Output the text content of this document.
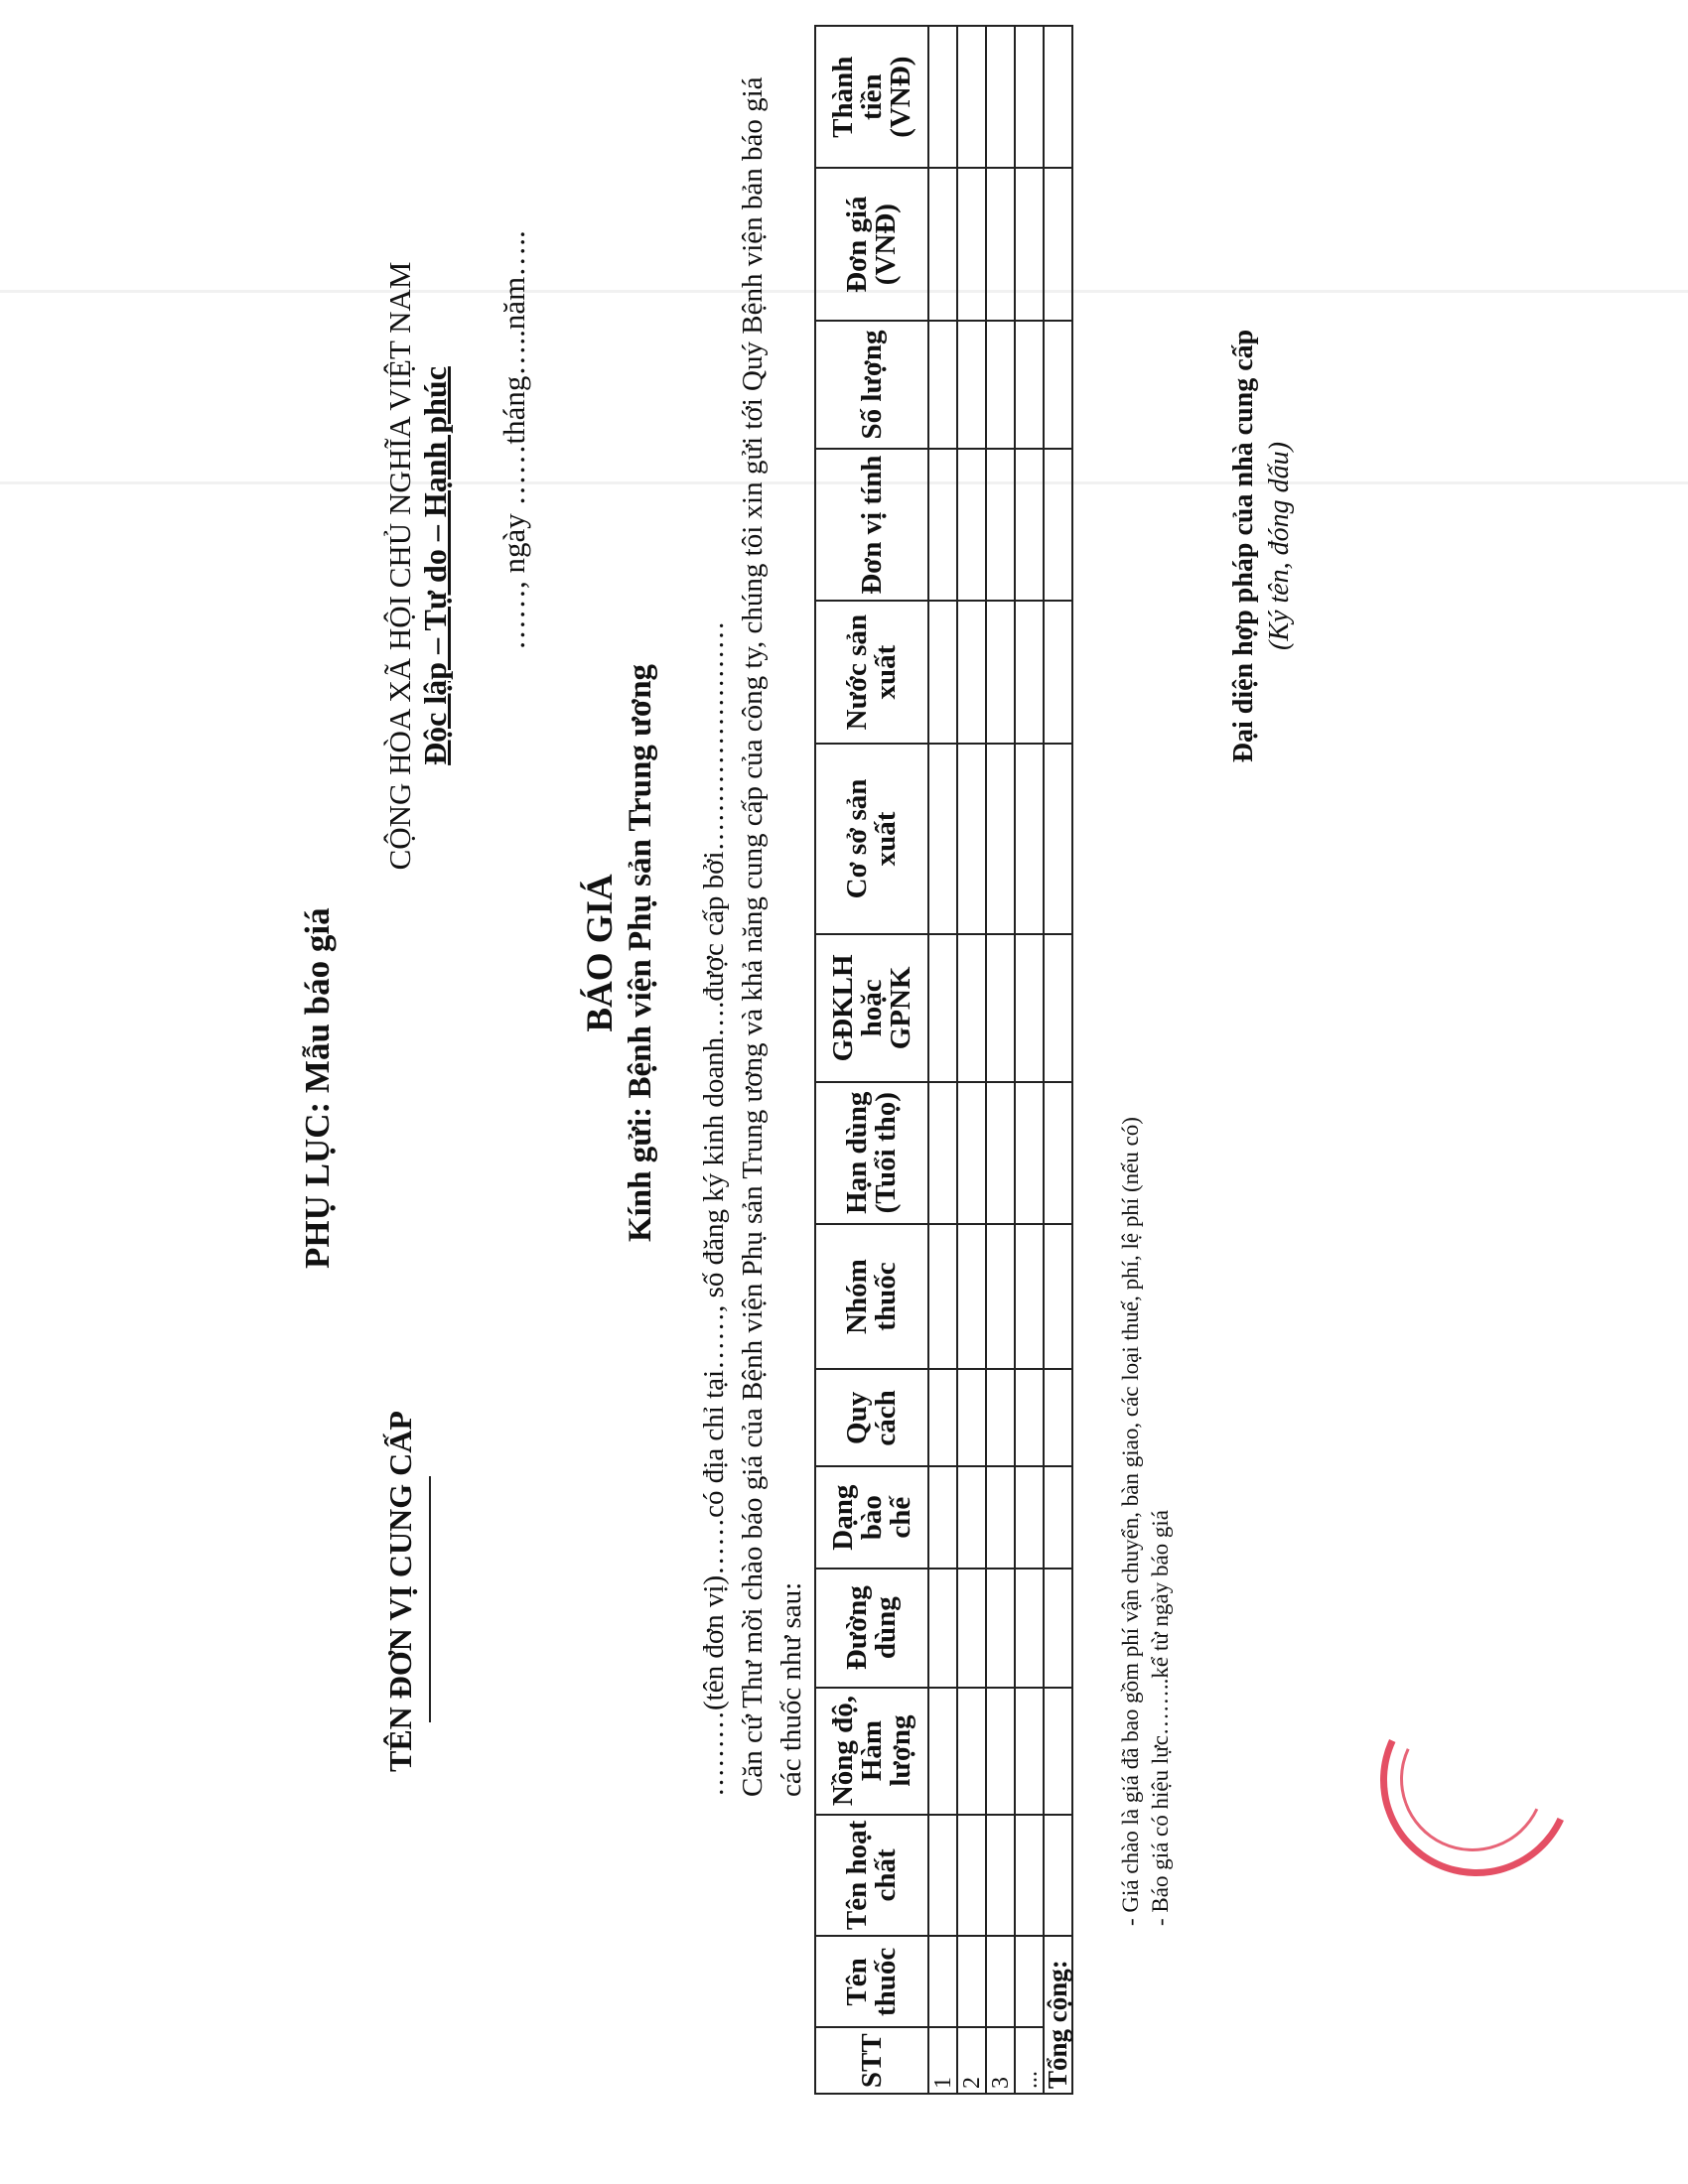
TÊN ĐƠN VỊ CUNG CẤP
PHỤ LỤC: Mẫu báo giá
CỘNG HÒA XÃ HỘI CHỦ NGHĨA VIỆT NAM Độc lập – Tự do – Hạnh phúc ……, ngày ……tháng…..năm…..
BÁO GIÁ Kính gửi: Bệnh viện Phụ sản Trung ương ………(tên đơn vị)……có địa chỉ tại……, số đăng ký kinh doanh….được cấp bởi…………………… Căn cứ Thư mời chào báo giá của Bệnh viện Phụ sản Trung ương và khả năng cung cấp của công ty, chúng tôi xin gửi tới Quý Bệnh viện bản báo giá các thuốc như sau:
STT	Tên thuốc	Tên hoạt chất	Nồng độ, Hàm lượng	Đường dùng	Dạng bào chế	Quy cách	Nhóm thuốc	Hạn dùng (Tuổi thọ)	GĐKLH hoặc GPNK	Cơ sở sản xuất	Nước sản xuất	Đơn vị tính	Số lượng	Đơn giá (VNĐ)	Thành tiền (VNĐ)
1															
2															
3															
...															
Tổng cộng:															
- Giá chào là giá đã bao gồm phí vận chuyển, bàn giao, các loại thuế, phí, lệ phí (nếu có) - Báo giá có hiệu lực……..kể từ ngày báo giá
Đại diện hợp pháp của nhà cung cấp (Ký tên, đóng dấu)
